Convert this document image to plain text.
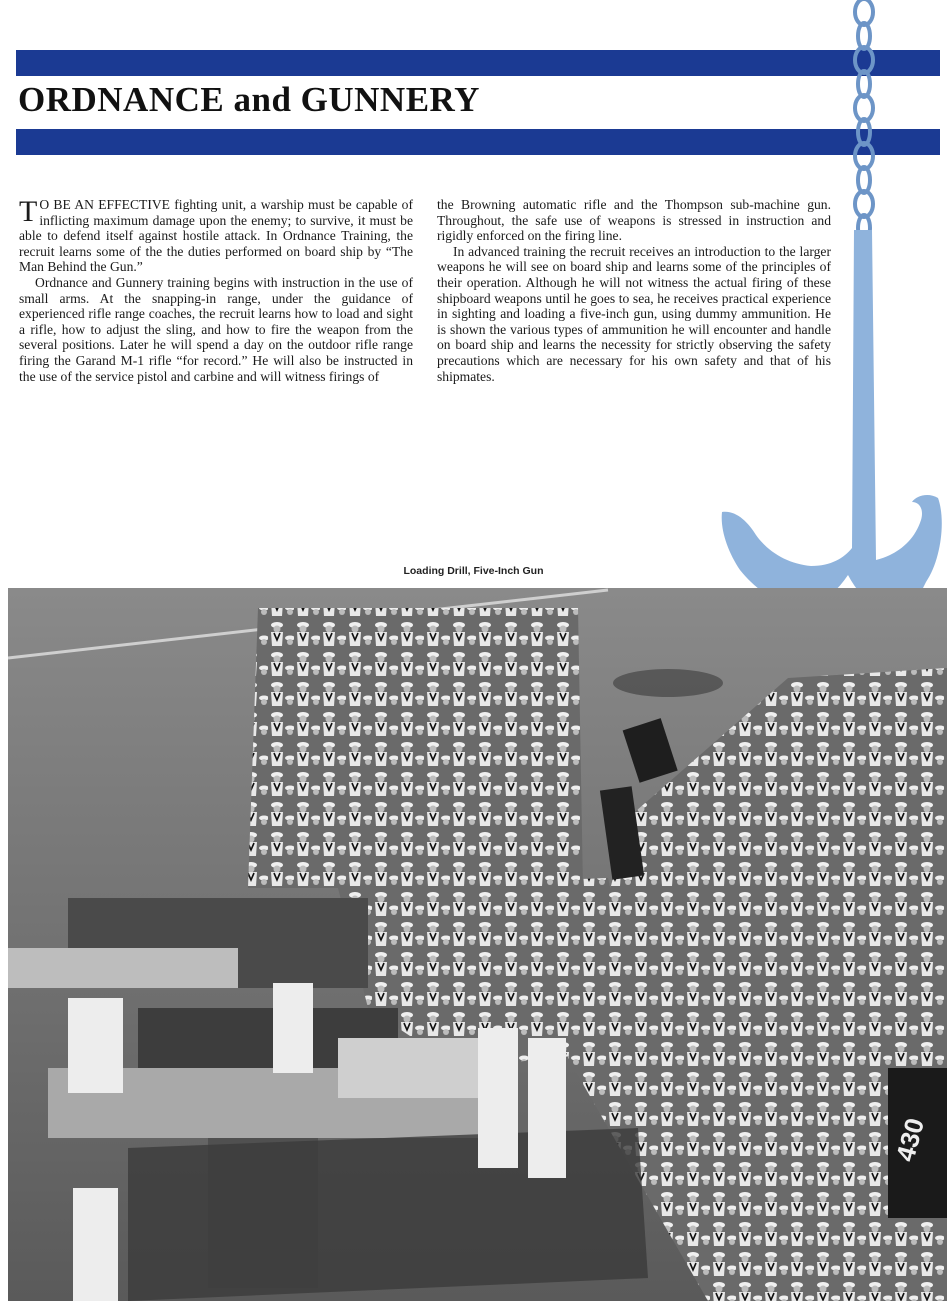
ORDNANCE and GUNNERY

T O BE AN EFFECTIVE fighting unit, a warship must be capable of inflicting maximum damage upon the enemy; to survive, it must be able to defend itself against hostile attack. In Ordnance Training, the recruit learns some of the the duties performed on board ship by “The Man Behind the Gun.”

Ordnance and Gunnery training begins with instruction in the use of small arms. At the snapping-in range, under the guidance of experienced rifle range coaches, the recruit learns how to load and sight a rifle, how to adjust the sling, and how to fire the weapon from the several positions. Later he will spend a day on the outdoor rifle range firing the Garand M-1 rifle “for record.” He will also be instructed in the use of the service pistol and carbine and will witness firings of

the Browning automatic rifle and the Thompson sub-machine gun. Throughout, the safe use of weapons is stressed in instruction and rigidly enforced on the firing line.

In advanced training the recruit receives an introduction to the larger weapons he will see on board ship and learns some of the principles of their operation. Although he will not witness the actual firing of these shipboard weapons until he goes to sea, he receives practical experience in sighting and loading a five-inch gun, using dummy ammunition. He is shown the various types of ammunition he will encounter and handle on board ship and learns the necessity for strictly observing the safety precautions which are necessary for his own safety and that of his shipmates.

Loading Drill, Five-Inch Gun
430
